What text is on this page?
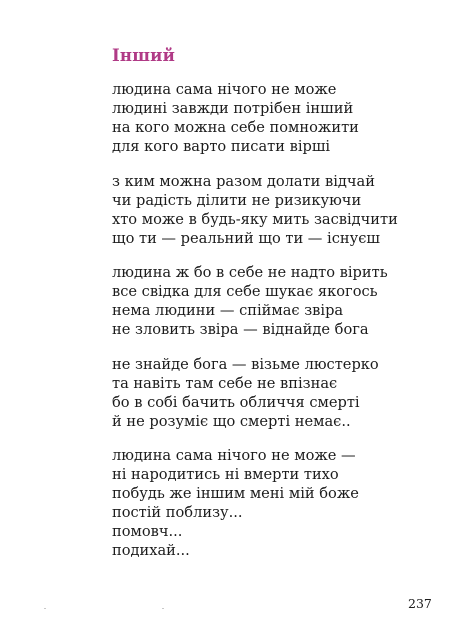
Інший
людина сама нічого не може
людині завжди потрібен інший
на кого можна себе помножити
для кого варто писати вірші
з ким можна разом долати відчай
чи радість ділити не ризикуючи
хто може в будь-яку мить засвідчити
що ти — реальний що ти — існуєш
людина ж бо в себе не надто вірить
все свідка для себе шукає якогось
нема людини — спіймає звіра
не зловить звіра — віднайде бога
не знайде бога — візьме люстерко
та навіть там себе не впізнає
бо в собі бачить обличчя смерті
й не розуміє що смерті немає..
людина сама нічого не може —
ні народитись ні вмерти тихо
побудь же іншим мені мій боже
постій поблизу...
помовч...
подихай...
237
